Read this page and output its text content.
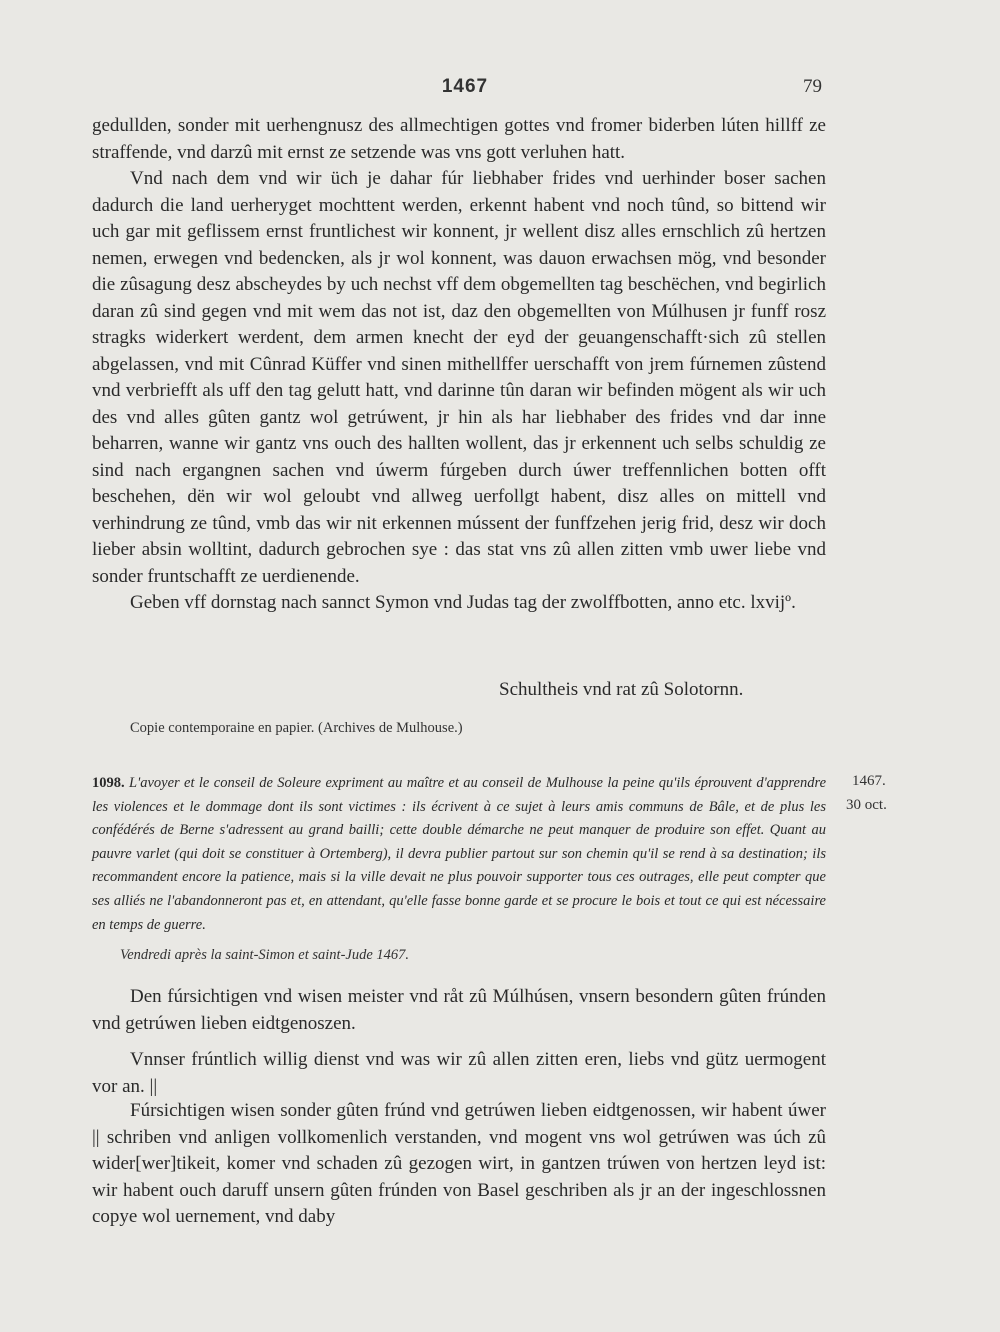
1467	79

gedullden, sonder mit uerhengnusz des allmechtigen gottes vnd fromer biderben lúten hillff ze straffende, vnd darzû mit ernst ze setzende was vns gott verluhen hatt.

Vnd nach dem vnd wir üch je dahar fúr liebhaber frides vnd uerhinder boser sachen dadurch die land uerheryget mochttent werden, erkennt habent vnd noch tûnd, so bittend wir uch gar mit geflissem ernst fruntlichest wir konnent, jr wellent disz alles ernschlich zû hertzen nemen, erwegen vnd bedencken, als jr wol konnent, was dauon erwachsen mög, vnd besonder die zûsagung desz abscheydes by uch nechst vff dem obgemellten tag beschëchen, vnd begirlich daran zû sind gegen vnd mit wem das not ist, daz den obgemellten von Múlhusen jr funff rosz stragks widerkert werdent, dem armen knecht der eyd der geuangenschafft·sich zû stellen abgelassen, vnd mit Cûnrad Küffer vnd sinen mithellffer uerschafft von jrem fúrnemen zûstend vnd verbriefft als uff den tag gelutt hatt, vnd darinne tûn daran wir befinden mögent als wir uch des vnd alles gûten gantz wol getrúwent, jr hin als har liebhaber des frides vnd dar inne beharren, wanne wir gantz vns ouch des hallten wollent, das jr erkennent uch selbs schuldig ze sind nach ergangnen sachen vnd úwerm fúrgeben durch úwer treffennlichen botten offt beschehen, dën wir wol geloubt vnd allweg uerfollgt habent, disz alles on mittell vnd verhindrung ze tûnd, vmb das wir nit erkennen mússent der funffzehen jerig frid, desz wir doch lieber absin wolltint, dadurch gebrochen sye : das stat vns zû allen zitten vmb uwer liebe vnd sonder fruntschafft ze uerdienende.

Geben vff dornstag nach sannct Symon vnd Judas tag der zwolffbotten, anno etc. lxvijº.

Schultheis vnd rat zû Solotornn.
Copie contemporaine en papier. (Archives de Mulhouse.)
1098. L'avoyer et le conseil de Soleure expriment au maître et au conseil de Mulhouse la peine qu'ils éprouvent d'apprendre les violences et le dommage dont ils sont victimes : ils écrivent à ce sujet à leurs amis communs de Bâle, et de plus les confédérés de Berne s'adressent au grand bailli; cette double démarche ne peut manquer de produire son effet. Quant au pauvre varlet (qui doit se constituer à Ortemberg), il devra publier partout sur son chemin qu'il se rend à sa destination; ils recommandent encore la patience, mais si la ville devait ne plus pouvoir supporter tous ces outrages, elle peut compter que ses alliés ne l'abandonneront pas et, en attendant, qu'elle fasse bonne garde et se procure le bois et tout ce qui est nécessaire en temps de guerre.
1467.
30 oct.
Vendredi après la saint-Simon et saint-Jude 1467.

Den fúrsichtigen vnd wisen meister vnd råt zû Múlhúsen, vnsern besondern gûten frúnden vnd getrúwen lieben eidtgenoszen.

Vnnser frúntlich willig dienst vnd was wir zû allen zitten eren, liebs vnd gütz uermogent vor an. ||

Fúrsichtigen wisen sonder gûten frúnd vnd getrúwen lieben eidtgenossen, wir habent úwer || schriben vnd anligen vollkomenlich verstanden, vnd mogent vns wol getrúwen was úch zû wider[wer]tikeit, komer vnd schaden zû gezogen wirt, in gantzen trúwen von hertzen leyd ist: wir habent ouch daruff unsern gûten frúnden von Basel geschriben als jr an der ingeschlossnen copye wol uernement, vnd daby
